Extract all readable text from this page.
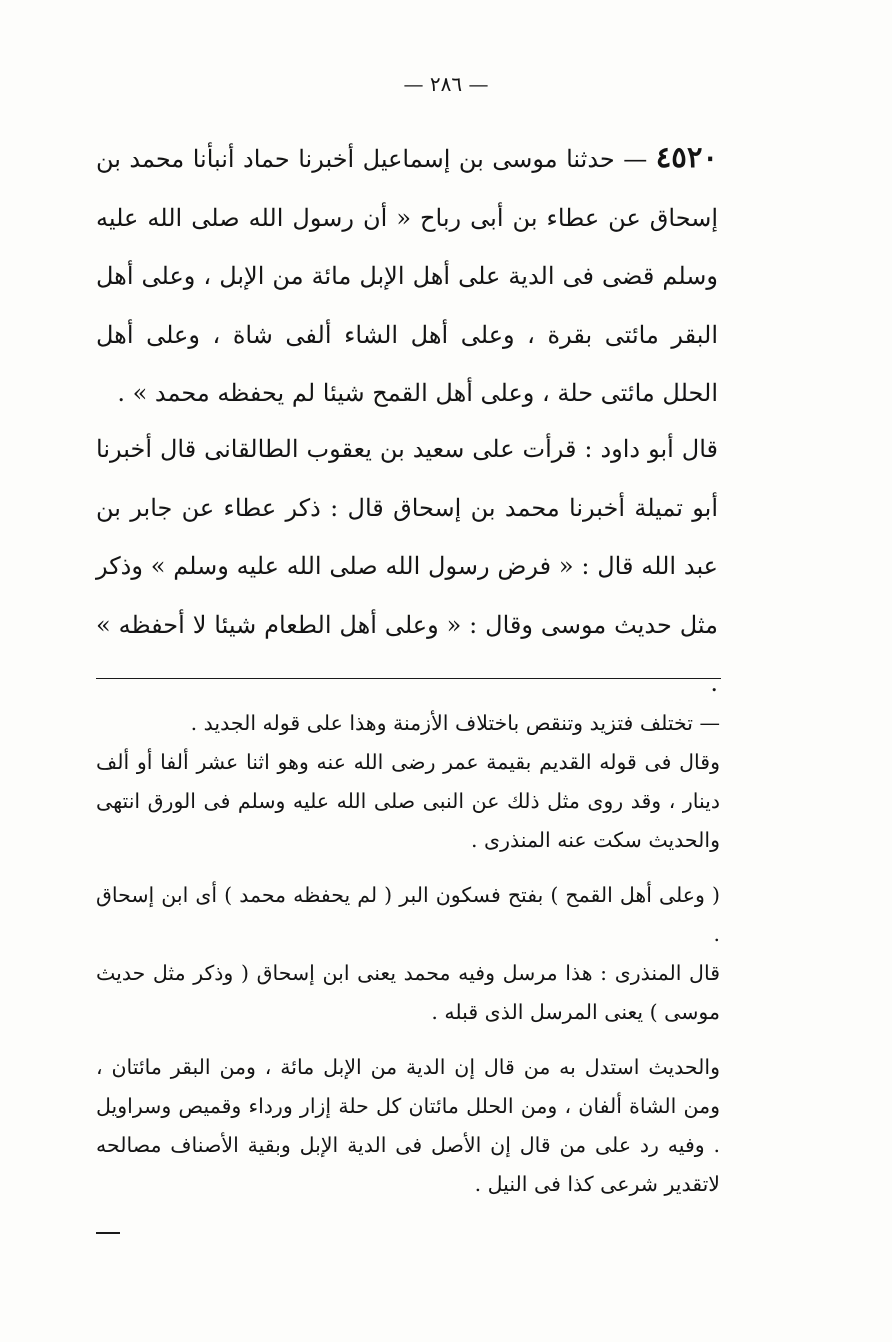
— ٢٨٦ —
٤٥٢٠ — حدثنا موسى بن إسماعيل أخبرنا حماد أنبأنا محمد بن إسحاق عن عطاء بن أبى رباح « أن رسول الله صلى الله عليه وسلم قضى فى الدية على أهل الإبل مائة من الإبل ، وعلى أهل البقر مائتى بقرة ، وعلى أهل الشاء ألفى شاة ، وعلى أهل الحلل مائتى حلة ، وعلى أهل القمح شيئا لم يحفظه محمد » .
قال أبو داود : قرأت على سعيد بن يعقوب الطالقانى قال أخبرنا أبو تميلة أخبرنا محمد بن إسحاق قال : ذكر عطاء عن جابر بن عبد الله قال : « فرض رسول الله صلى الله عليه وسلم » وذكر مثل حديث موسى وقال : « وعلى أهل الطعام شيئا لا أحفظه » .

— تختلف فتزيد وتنقص باختلاف الأزمنة وهذا على قوله الجديد .

وقال فى قوله القديم بقيمة عمر رضى الله عنه وهو اثنا عشر ألفا أو ألف دينار ، وقد روى مثل ذلك عن النبى صلى الله عليه وسلم فى الورق انتهى والحديث سكت عنه المنذرى .

( وعلى أهل القمح ) بفتح فسكون البر ( لم يحفظه محمد ) أى ابن إسحاق .

قال المنذرى : هذا مرسل وفيه محمد يعنى ابن إسحاق ( وذكر مثل حديث موسى ) يعنى المرسل الذى قبله .

والحديث استدل به من قال إن الدية من الإبل مائة ، ومن البقر مائتان ، ومن الشاة ألفان ، ومن الحلل مائتان كل حلة إزار ورداء وقميص وسراويل . وفيه رد على من قال إن الأصل فى الدية الإبل وبقية الأصناف مصالحه لاتقدير شرعى كذا فى النيل .
